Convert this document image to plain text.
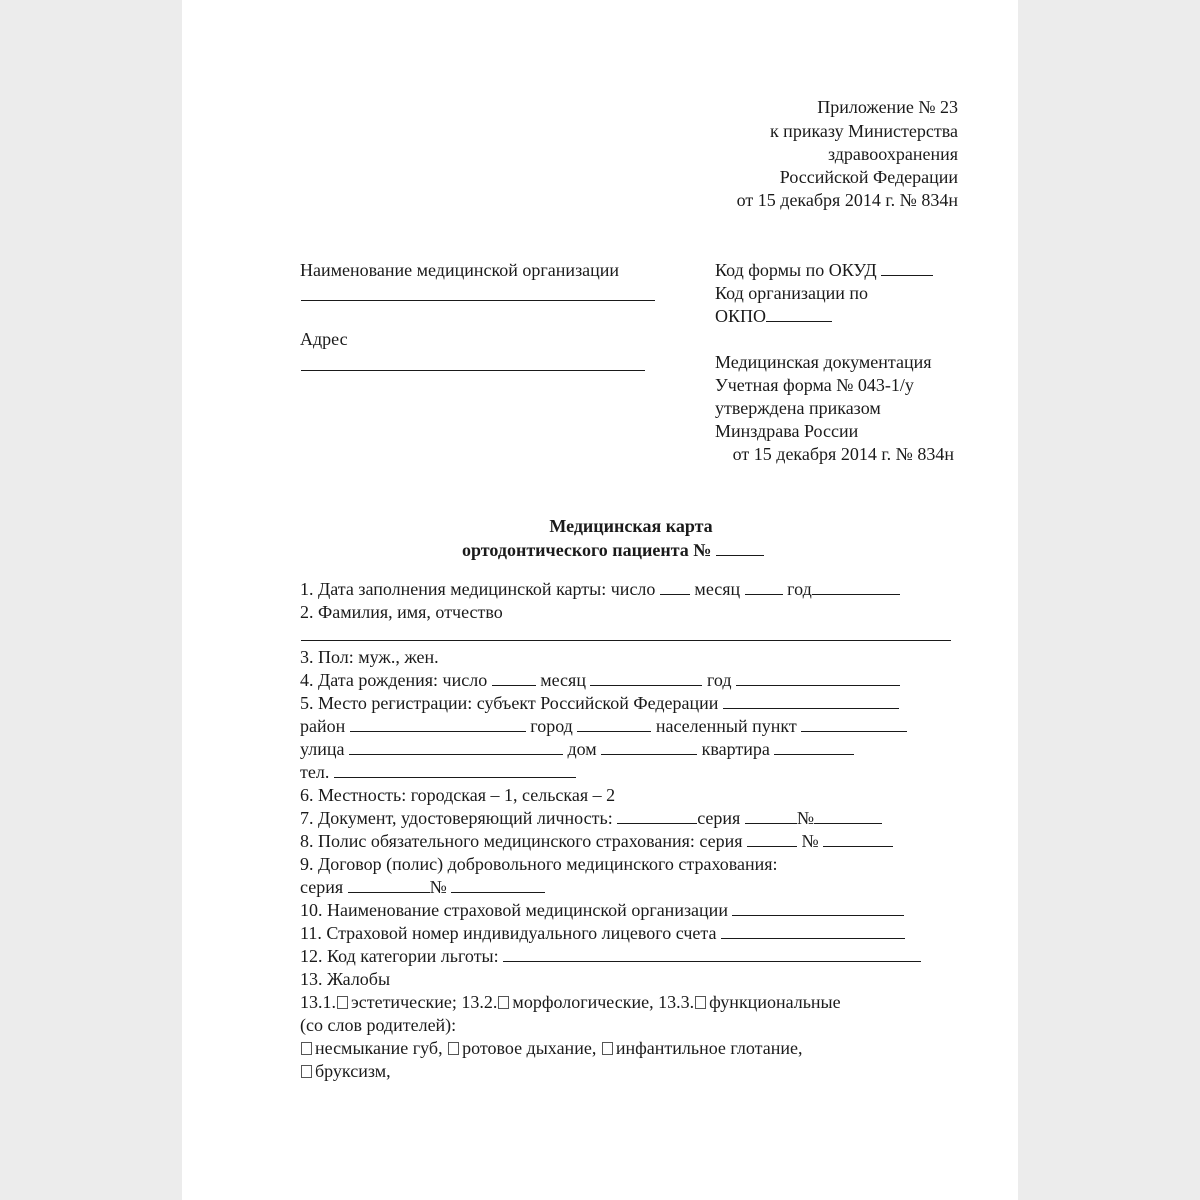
Приложение № 23
к приказу Министерства
здравоохранения
Российской Федерации
от 15 декабря 2014 г. № 834н
Наименование медицинской организации
Адрес
Код формы по ОКУД
Код организации по
ОКПО
Медицинская документация
Учетная форма № 043-1/у
утверждена приказом
Минздрава России
от 15 декабря 2014 г. № 834н
Медицинская карта
ортодонтического пациента №
1. Дата заполнения медицинской карты: число месяц	год
2. Фамилия, имя, отчество
3. Пол: муж., жен.
4. Дата рождения: число	месяц	год
5. Место регистрации: субъект Российской Федерации
район	город	населенный пункт
улица	дом	квартира
тел.
6. Местность: городская – 1, сельская – 2
7. Документ, удостоверяющий личность:	серия	№
8. Полис обязательного медицинского страхования: серия	№
9. Договор (полис) добровольного медицинского страхования:
серия	№
10. Наименование страховой медицинской организации
11. Страховой номер индивидуального лицевого счета
12. Код категории льготы:
13. Жалобы
13.1. эстетические; 13.2. морфологические, 13.3. функциональные
(со слов родителей):
несмыкание губ, ротовое дыхание, инфантильное глотание,
бруксизм,
